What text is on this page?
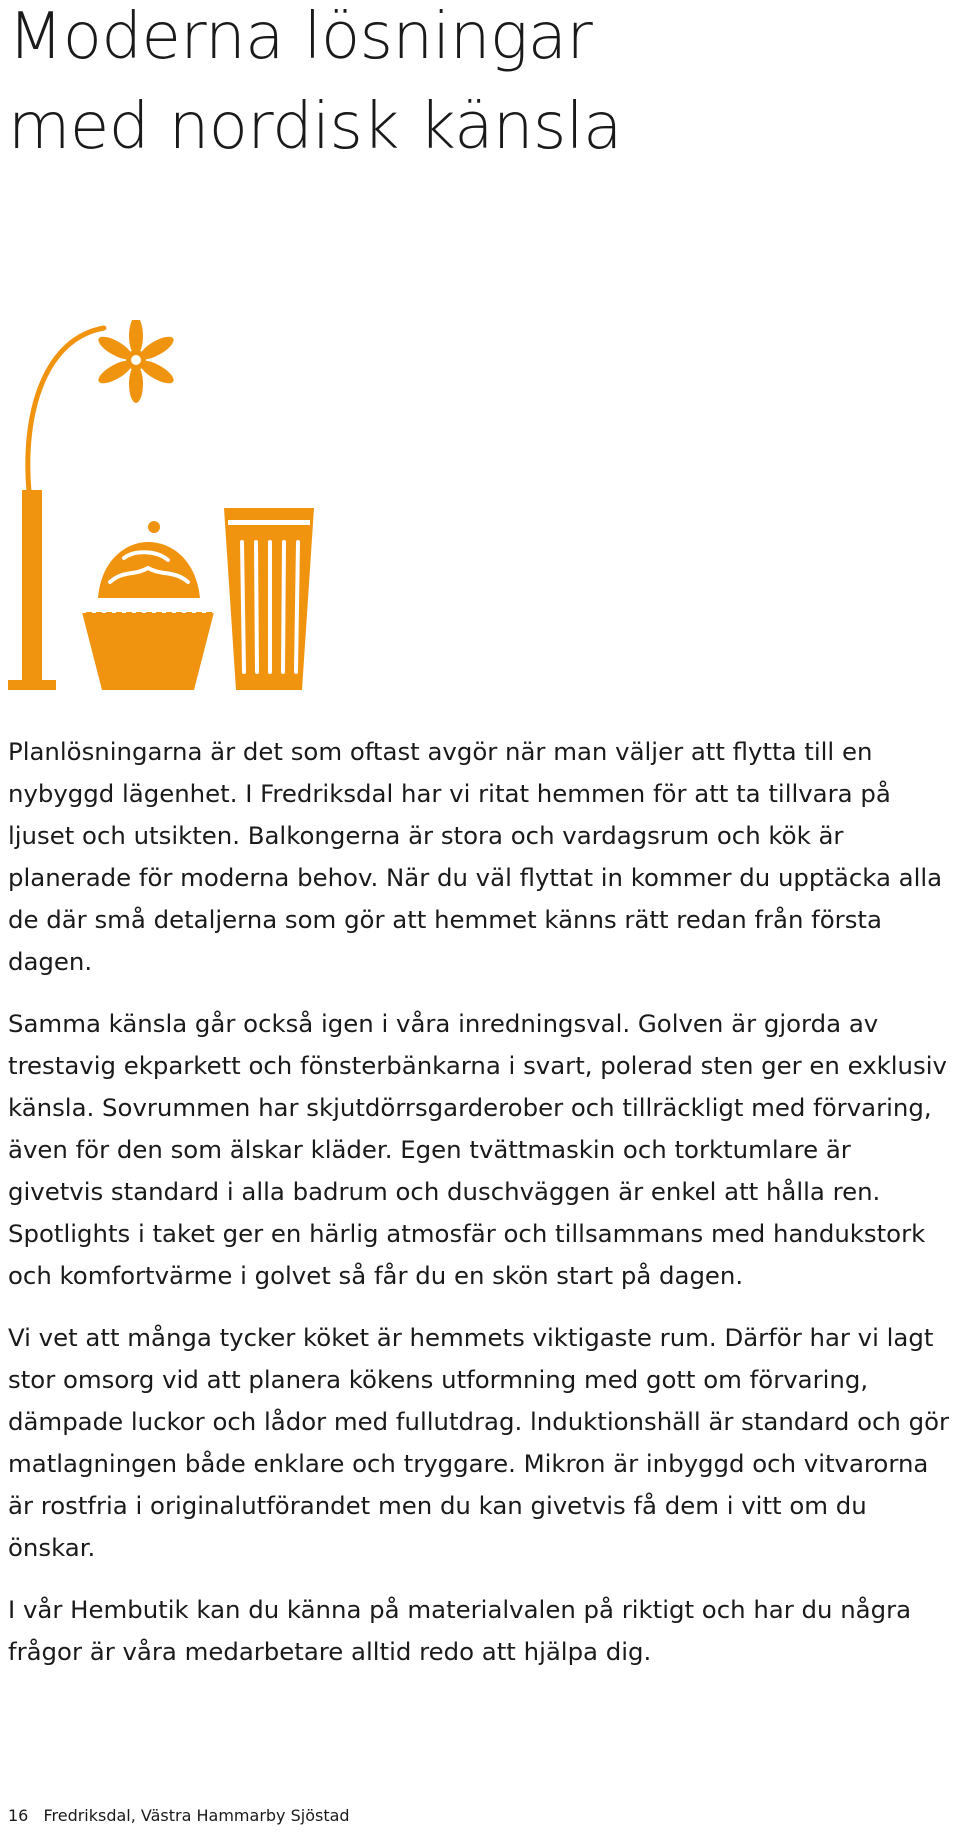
Moderna lösningar
med nordisk känsla

Planlösningarna är det som oftast avgör när man väljer att flytta till en nybyggd lägenhet. I Fredriksdal har vi ritat hemmen för att ta tillvara på ljuset och utsikten. Balkongerna är stora och vardagsrum och kök är planerade för moderna behov. När du väl flyttat in kommer du upptäcka alla de där små detaljerna som gör att hemmet känns rätt redan från första dagen.

Samma känsla går också igen i våra inredningsval. Golven är gjorda av trestavig ekparkett och fönsterbänkarna i svart, polerad sten ger en exklusiv känsla. Sovrummen har skjutdörrsgarderober och tillräckligt med förvaring, även för den som älskar kläder. Egen tvättmaskin och torktumlare är givetvis standard i alla badrum och duschväggen är enkel att hålla ren. Spotlights i taket ger en härlig atmosfär och tillsammans med handukstork och komfortvärme i golvet så får du en skön start på dagen.

Vi vet att många tycker köket är hemmets viktigaste rum. Därför har vi lagt stor omsorg vid att planera kökens utformning med gott om förvaring, dämpade luckor och lådor med fullutdrag. lnduktionshäll är standard och gör matlagningen både enklare och tryggare. Mikron är inbyggd och vitvarorna är rostfria i originalutförandet men du kan givetvis få dem i vitt om du önskar.

I vår Hembutik kan du känna på materialvalen på riktigt och har du några frågor är våra medarbetare alltid redo att hjälpa dig.

16 Fredriksdal, Västra Hammarby Sjöstad
